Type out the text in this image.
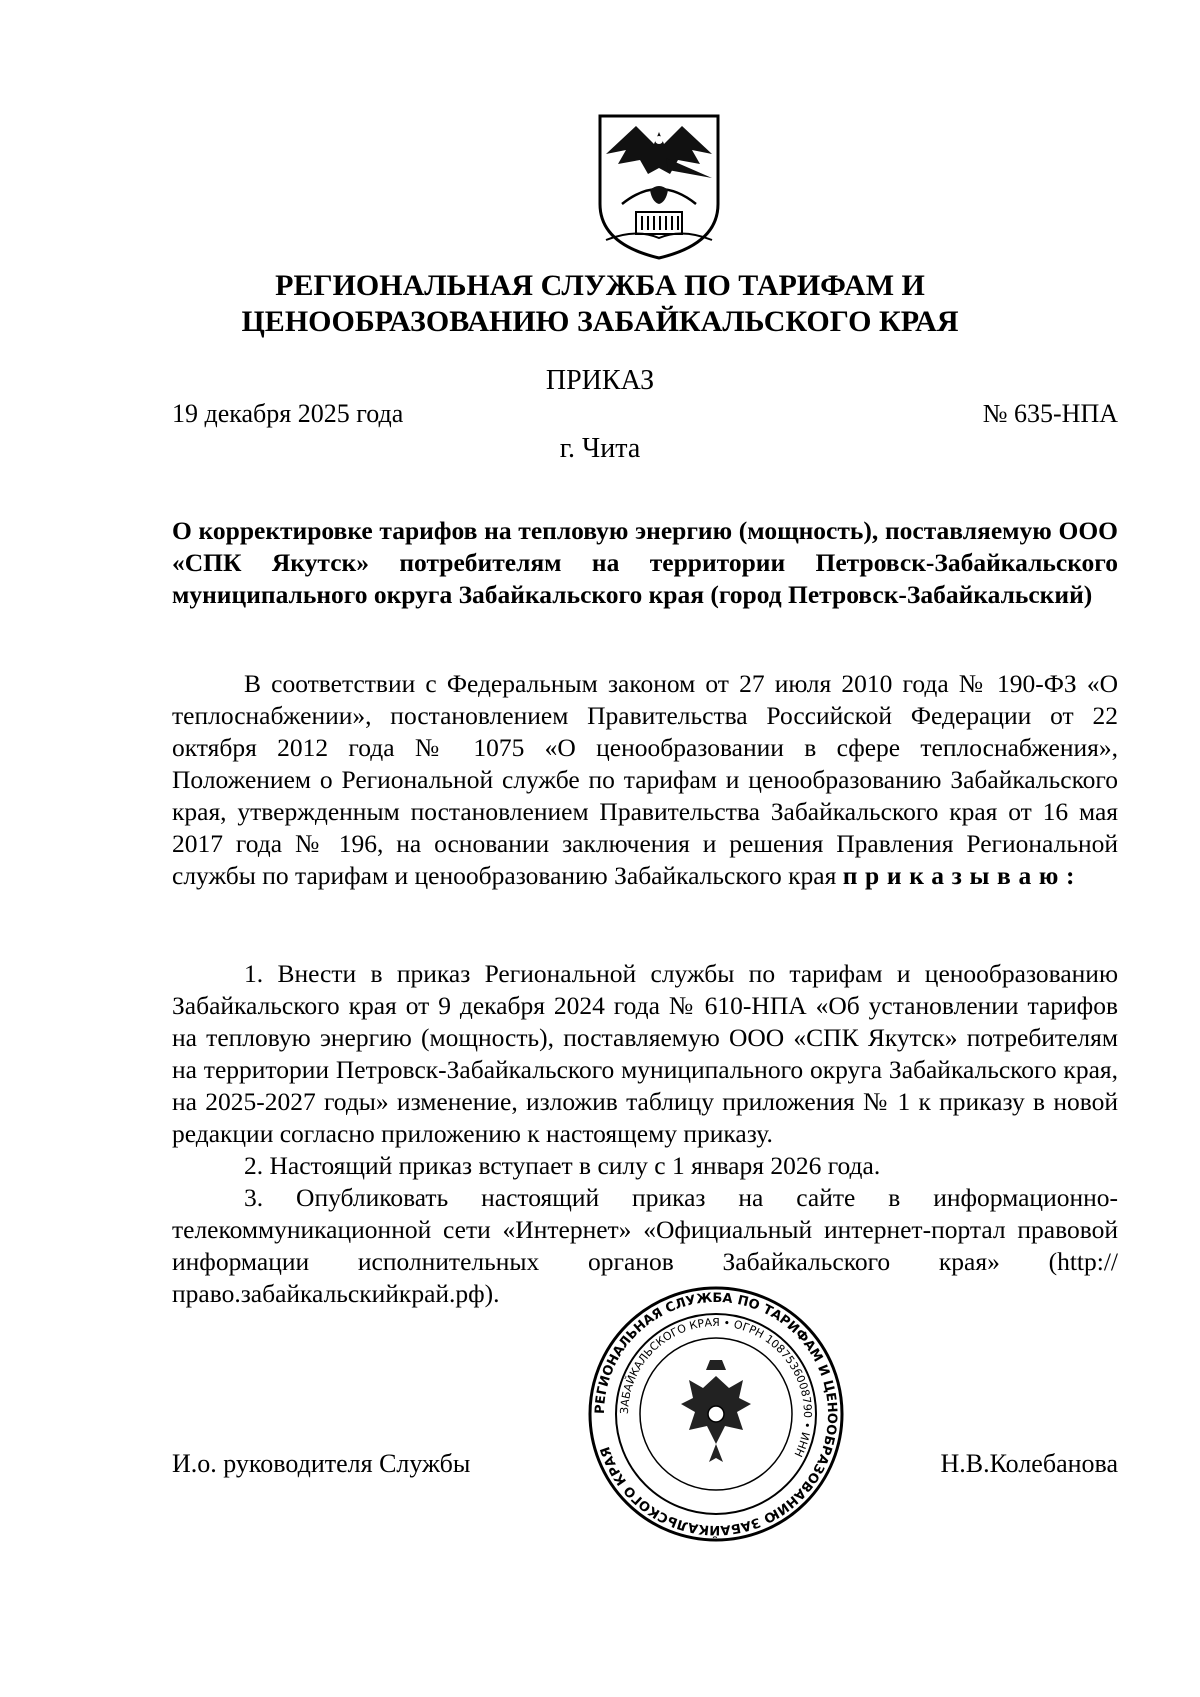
РЕГИОНАЛЬНАЯ СЛУЖБА ПО ТАРИФАМ И
ЦЕНООБРАЗОВАНИЮ ЗАБАЙКАЛЬСКОГО КРАЯ
ПРИКАЗ
19 декабря 2025 года	№ 635-НПА
г. Чита
О корректировке тарифов на тепловую энергию (мощность), поставляемую ООО «СПК Якутск» потребителям на территории Петровск-Забайкальского муниципального округа Забайкальского края (город Петровск-Забайкальский)

В соответствии с Федеральным законом от 27 июля 2010 года № 190-ФЗ «О теплоснабжении», постановлением Правительства Российской Федерации от 22 октября 2012 года № 1075 «О ценообразовании в сфере теплоснабжения», Положением о Региональной службе по тарифам и ценообразованию Забайкальского края, утвержденным постановлением Правительства Забайкальского края от 16 мая 2017 года № 196, на основании заключения и решения Правления Региональной службы по тарифам и ценообразованию Забайкальского края приказываю:

1. Внести в приказ Региональной службы по тарифам и ценообразованию Забайкальского края от 9 декабря 2024 года № 610-НПА «Об установлении тарифов на тепловую энергию (мощность), поставляемую ООО «СПК Якутск» потребителям на территории Петровск-Забайкальского муниципального округа Забайкальского края, на 2025-2027 годы» изменение, изложив таблицу приложения № 1 к приказу в новой редакции согласно приложению к настоящему приказу.

2. Настоящий приказ вступает в силу с 1 января 2026 года.

3. Опубликовать настоящий приказ на сайте в информационно-телекоммуникационной сети «Интернет» «Официальный интернет-портал правовой информации исполнительных органов Забайкальского края» (http://право.забайкальскийкрай.рф).

РЕГИОНАЛЬНАЯ СЛУЖБА ПО ТАРИФАМ И ЦЕНООБРАЗОВАНИЮ ЗАБАЙКАЛЬСКОГО КРАЯ
ЗАБАЙКАЛЬСКОГО КРАЯ • ОГРН 1087536008790 • ИНН
И.о. руководителя Службы	Н.В.Колебанова
